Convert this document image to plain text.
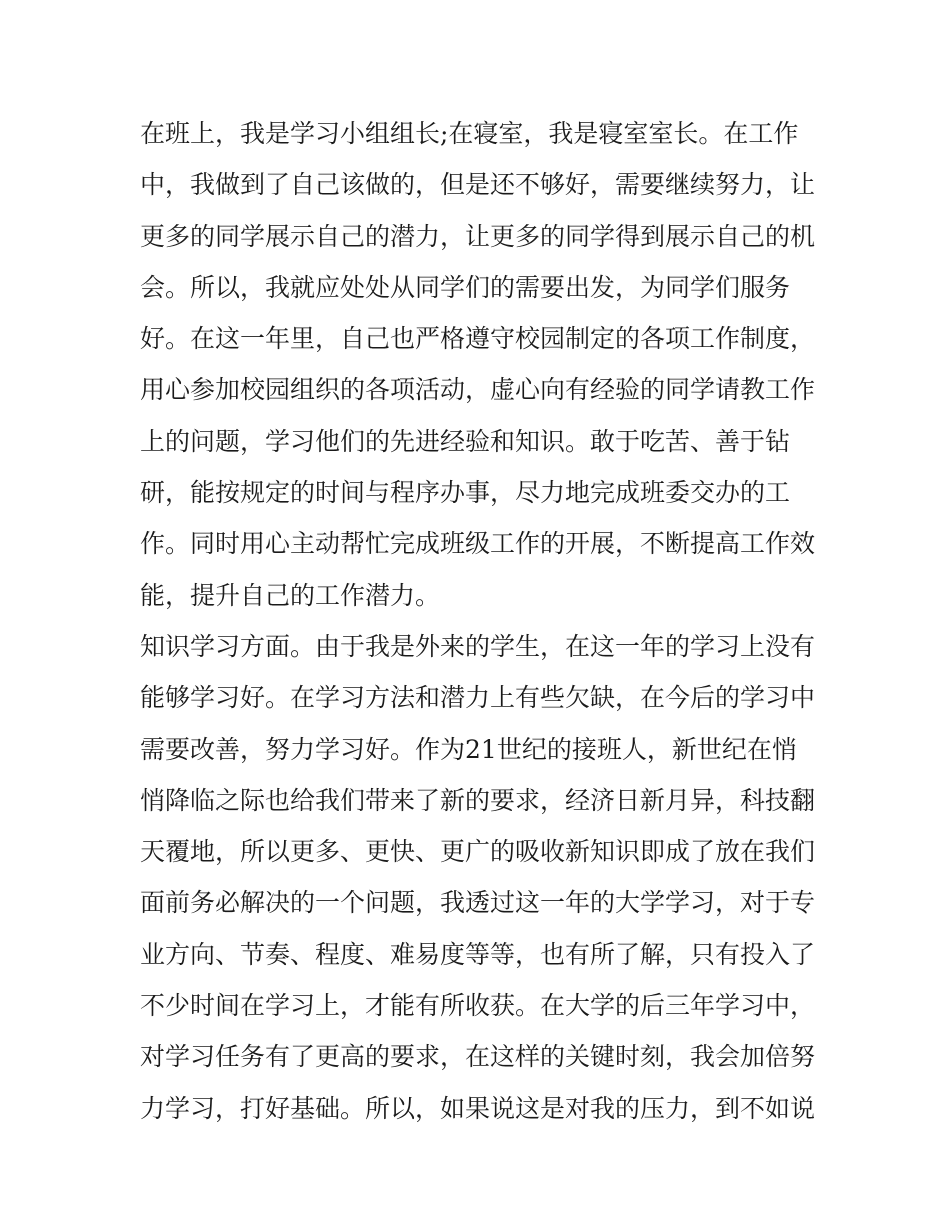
在班上，我是学习小组组长;在寝室，我是寝室室长。在工作
中，我做到了自己该做的，但是还不够好，需要继续努力，让
更多的同学展示自己的潜力，让更多的同学得到展示自己的机
会。所以，我就应处处从同学们的需要出发，为同学们服务
好。在这一年里，自己也严格遵守校园制定的各项工作制度，
用心参加校园组织的各项活动，虚心向有经验的同学请教工作
上的问题，学习他们的先进经验和知识。敢于吃苦、善于钻
研，能按规定的时间与程序办事，尽力地完成班委交办的工
作。同时用心主动帮忙完成班级工作的开展，不断提高工作效
能，提升自己的工作潜力。
知识学习方面。由于我是外来的学生，在这一年的学习上没有
能够学习好。在学习方法和潜力上有些欠缺，在今后的学习中
需要改善，努力学习好。作为21世纪的接班人，新世纪在悄
悄降临之际也给我们带来了新的要求，经济日新月异，科技翻
天覆地，所以更多、更快、更广的吸收新知识即成了放在我们
面前务必解决的一个问题，我透过这一年的大学学习，对于专
业方向、节奏、程度、难易度等等，也有所了解，只有投入了
不少时间在学习上，才能有所收获。在大学的后三年学习中，
对学习任务有了更高的要求，在这样的关键时刻，我会加倍努
力学习，打好基础。所以，如果说这是对我的压力，到不如说
